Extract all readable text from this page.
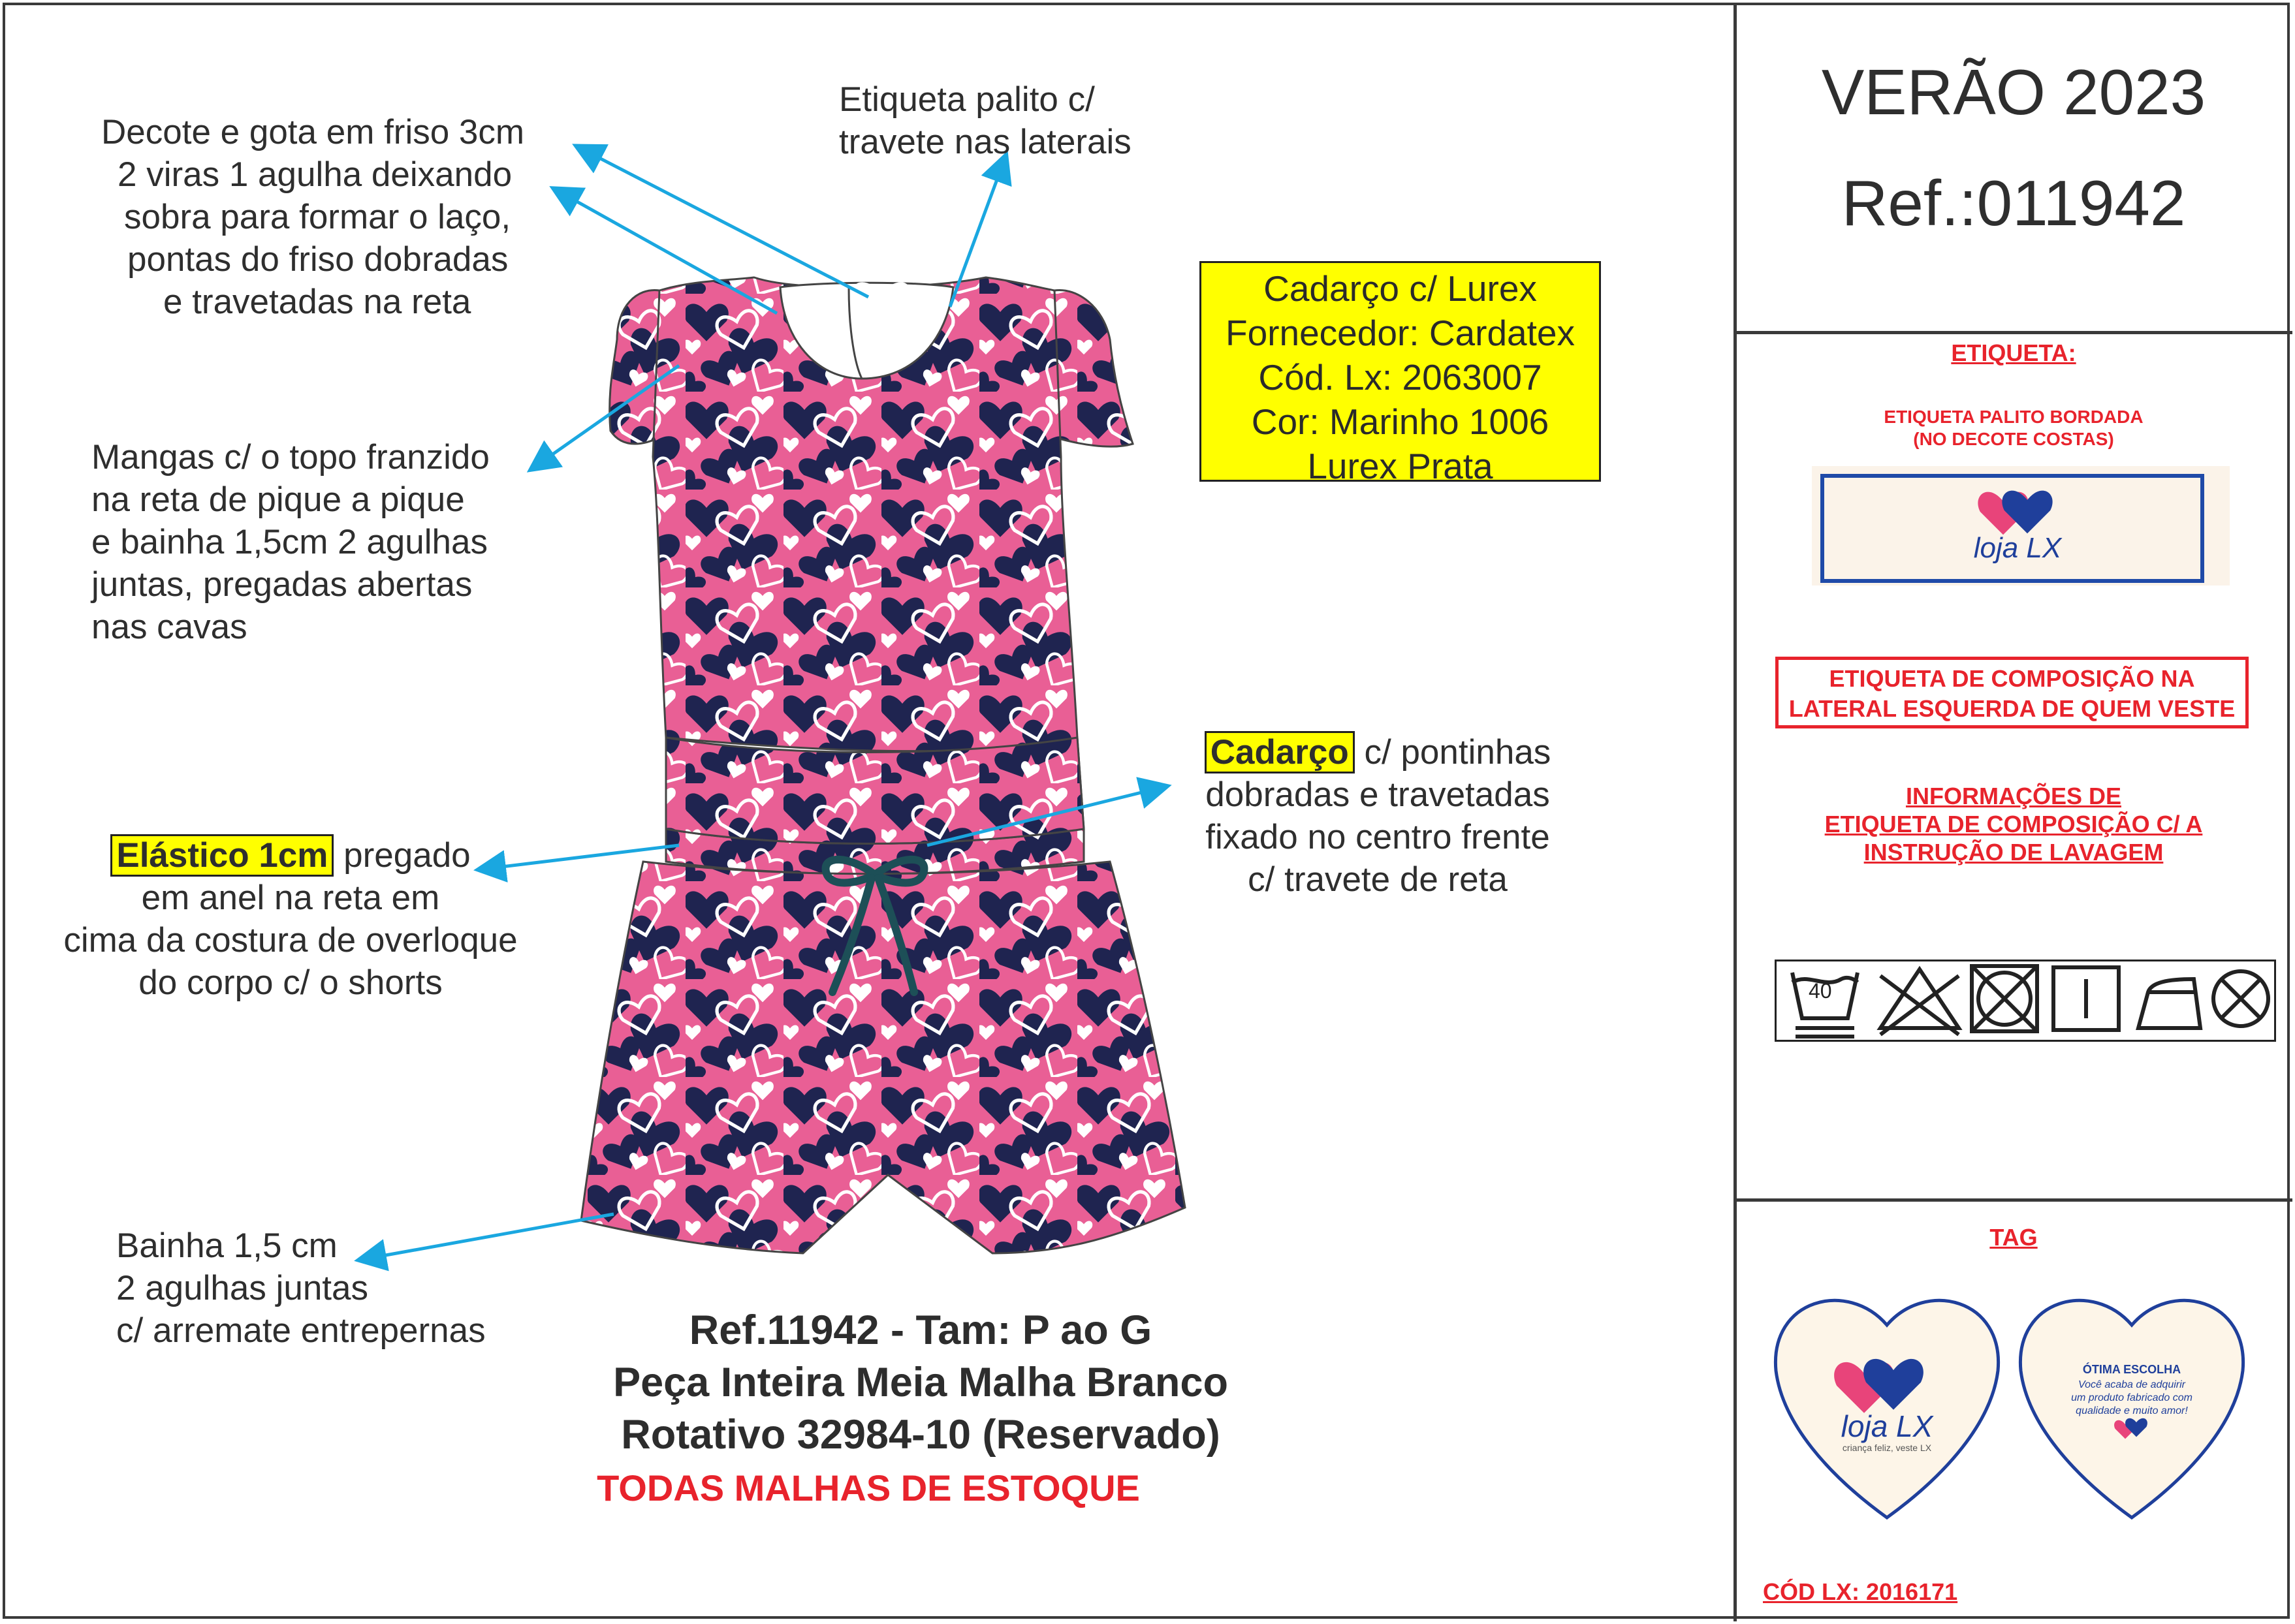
Decote e gota em friso 3cm
2 viras 1 agulha deixando
sobra para formar o laço,
pontas do friso dobradas
e travetadas na reta
Etiqueta palito c/
travete nas laterais
Mangas c/ o topo franzido
na reta de pique a pique
e bainha 1,5cm 2 agulhas
juntas, pregadas abertas
nas cavas
Elástico 1cm pregado
em anel na reta em
cima da costura de overloque
do corpo c/ o shorts
Cadarço c/ pontinhas
dobradas e travetadas
fixado no centro frente
c/ travete de reta
Bainha 1,5 cm
2 agulhas juntas
c/ arremate entrepernas
Cadarço c/ Lurex
Fornecedor: Cardatex
Cód. Lx: 2063007
Cor: Marinho 1006
Lurex Prata
Ref.11942 - Tam: P ao G
Peça Inteira Meia Malha Branco
Rotativo 32984-10 (Reservado)
TODAS MALHAS DE ESTOQUE
VERÃO 2023
Ref.:011942
ETIQUETA:
ETIQUETA PALITO BORDADA
(NO DECOTE COSTAS)
loja LX
ETIQUETA DE COMPOSIÇÃO NA
LATERAL ESQUERDA DE QUEM VESTE
INFORMAÇÕES DE
ETIQUETA DE COMPOSIÇÃO C/ A
INSTRUÇÃO DE LAVAGEM
40
TAG
loja LX
criança feliz, veste LX
ÓTIMA ESCOLHA
Você acaba de adquirir
um produto fabricado com
qualidade e muito amor!
CÓD LX: 2016171
